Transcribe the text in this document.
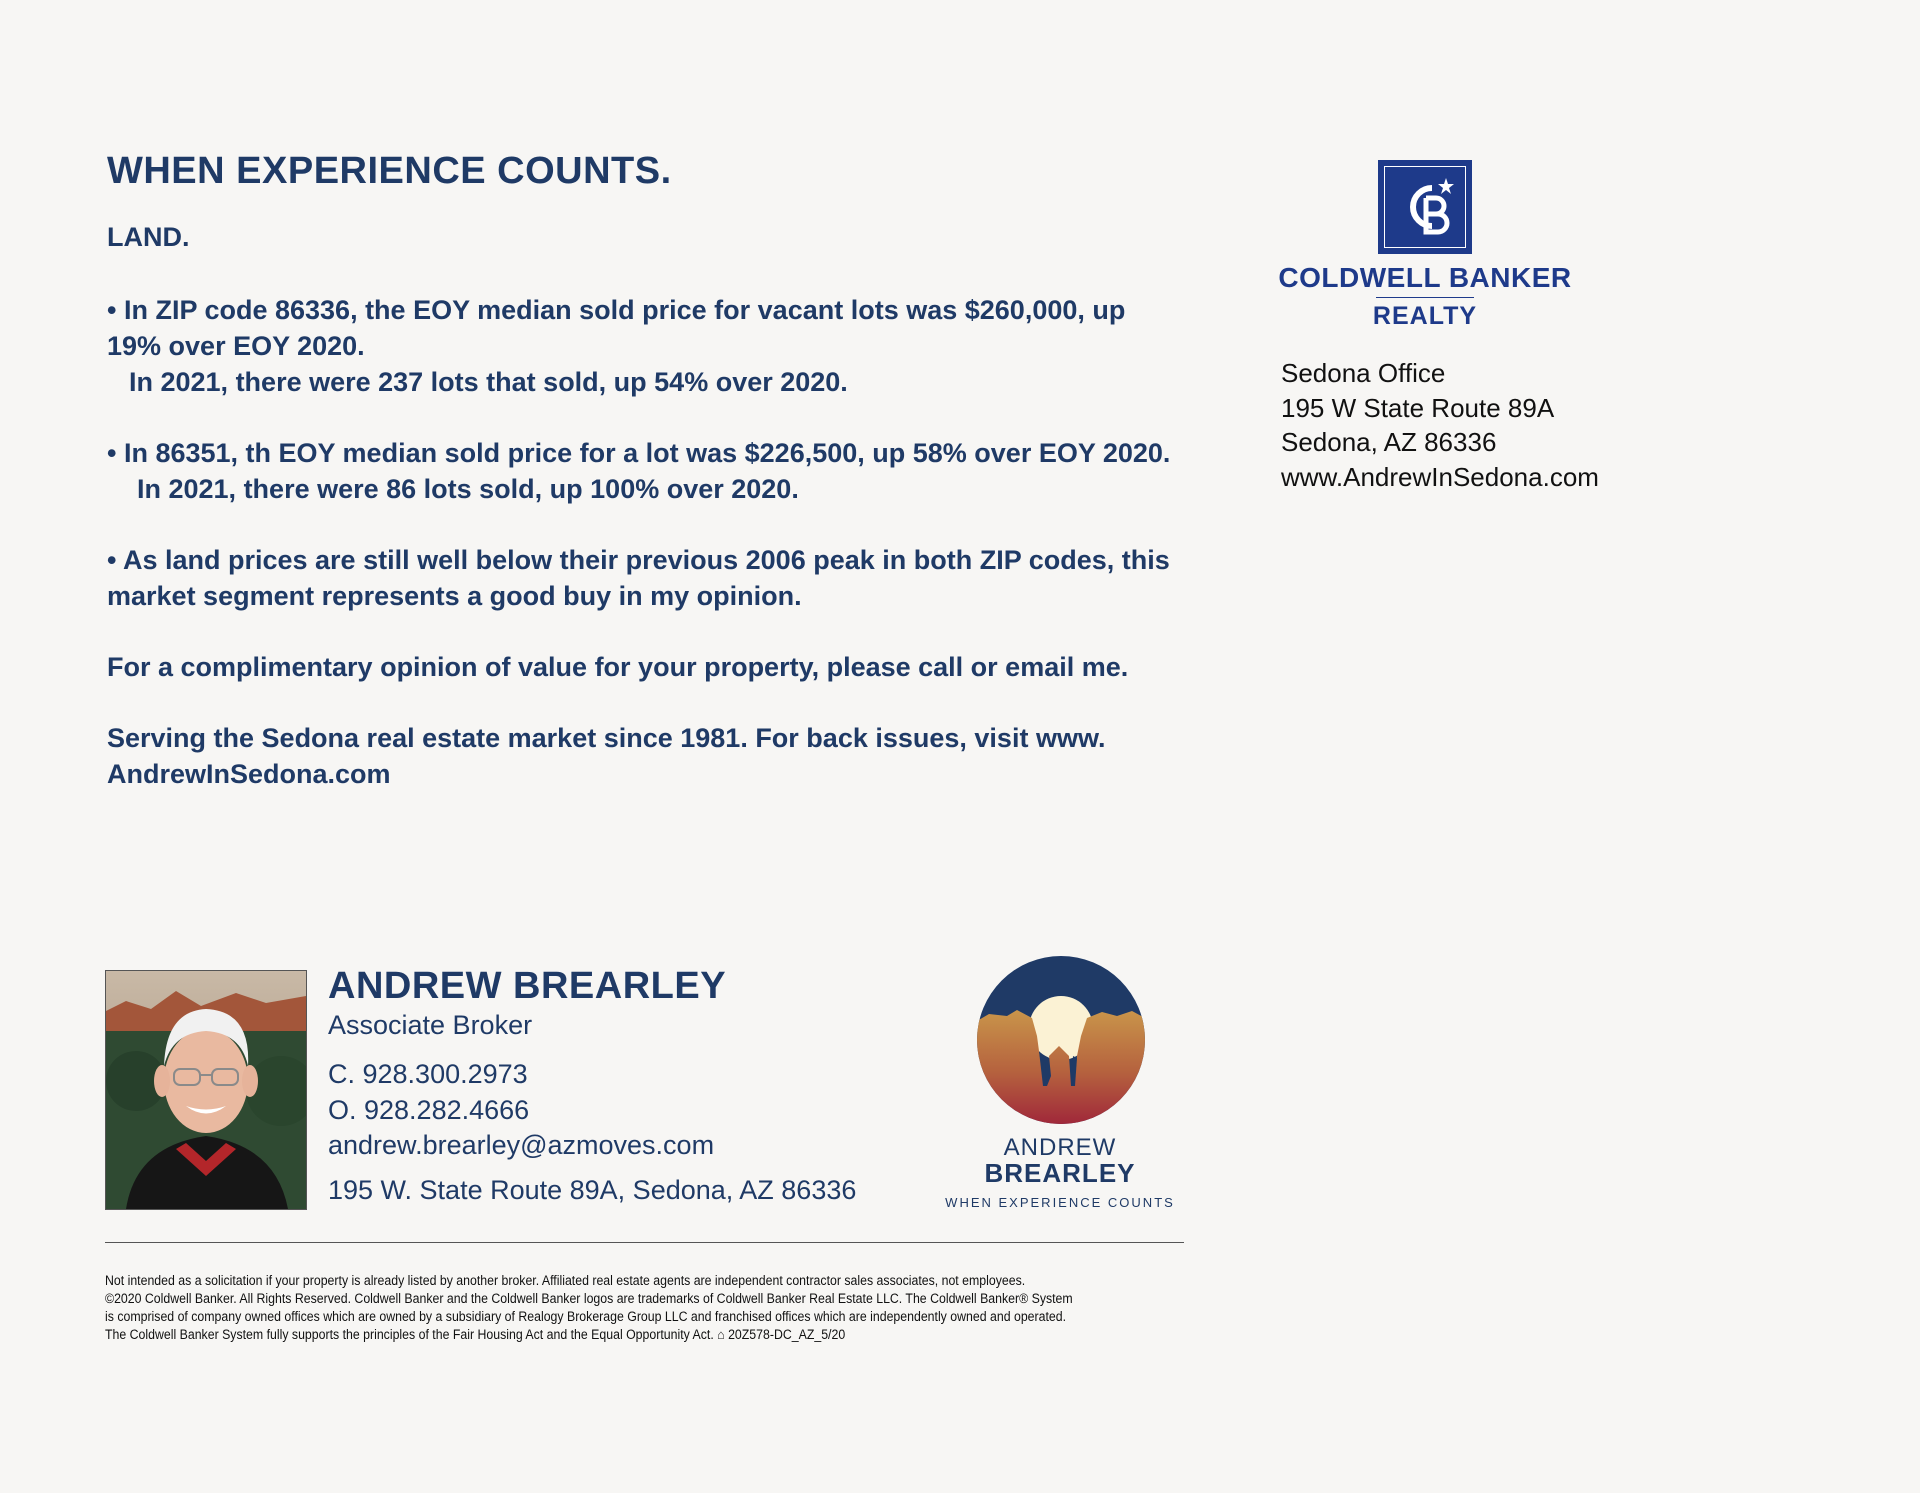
WHEN EXPERIENCE COUNTS.
LAND.
• In ZIP code 86336, the EOY median sold price for vacant lots was $260,000, up
19% over EOY 2020.
In 2021, there were 237 lots that sold, up 54% over 2020.
• In 86351, th EOY median sold price for a lot was $226,500, up 58% over EOY 2020.
In 2021, there were 86 lots sold, up 100% over 2020.
• As land prices are still well below their previous 2006 peak in both ZIP codes, this
market segment represents a good buy in my opinion.
For a complimentary opinion of value for your property, please call or email me.
Serving the Sedona real estate market since 1981. For back issues, visit www.
AndrewInSedona.com
COLDWELL BANKER
REALTY
Sedona Office
195 W State Route 89A
Sedona, AZ 86336
www.AndrewInSedona.com
ANDREW BREARLEY
Associate Broker
C. 928.300.2973
O. 928.282.4666
andrew.brearley@azmoves.com
195 W. State Route 89A, Sedona, AZ 86336
ANDREW
BREARLEY
WHEN EXPERIENCE COUNTS
Not intended as a solicitation if your property is already listed by another broker. Affiliated real estate agents are independent contractor sales associates, not employees.
©2020 Coldwell Banker. All Rights Reserved. Coldwell Banker and the Coldwell Banker logos are trademarks of Coldwell Banker Real Estate LLC. The Coldwell Banker® System
is comprised of company owned offices which are owned by a subsidiary of Realogy Brokerage Group LLC and franchised offices which are independently owned and operated.
The Coldwell Banker System fully supports the principles of the Fair Housing Act and the Equal Opportunity Act. ⌂ 20Z578-DC_AZ_5/20
